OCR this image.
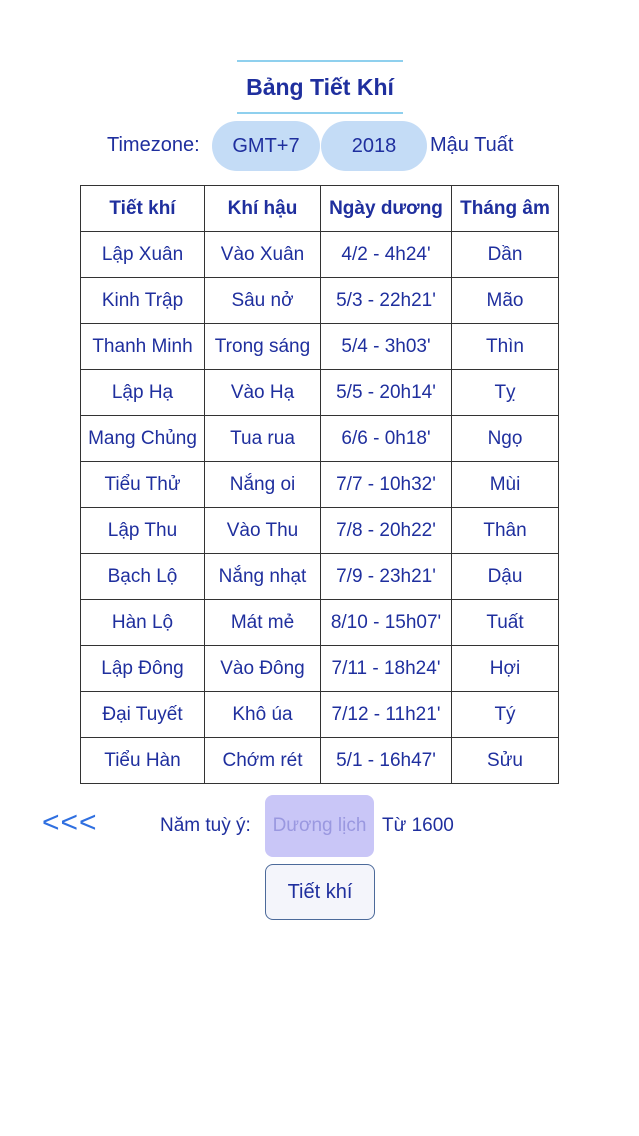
Bảng Tiết Khí
Timezone:	GMT+7	2018	Mậu Tuất
Tiết khí	Khí hậu	Ngày dương	Tháng âm
Lập Xuân	Vào Xuân	4/2 - 4h24'	Dần
Kinh Trập	Sâu nở	5/3 - 22h21'	Mão
Thanh Minh	Trong sáng	5/4 - 3h03'	Thìn
Lập Hạ	Vào Hạ	5/5 - 20h14'	Tỵ
Mang Chủng	Tua rua	6/6 - 0h18'	Ngọ
Tiểu Thử	Nắng oi	7/7 - 10h32'	Mùi
Lập Thu	Vào Thu	7/8 - 20h22'	Thân
Bạch Lộ	Nắng nhạt	7/9 - 23h21'	Dậu
Hàn Lộ	Mát mẻ	8/10 - 15h07'	Tuất
Lập Đông	Vào Đông	7/11 - 18h24'	Hợi
Đại Tuyết	Khô úa	7/12 - 11h21'	Tý
Tiểu Hàn	Chớm rét	5/1 - 16h47'	Sửu
<<<	Năm tuỳ ý:
Dương lịch	Từ 1600
Tiết khí
